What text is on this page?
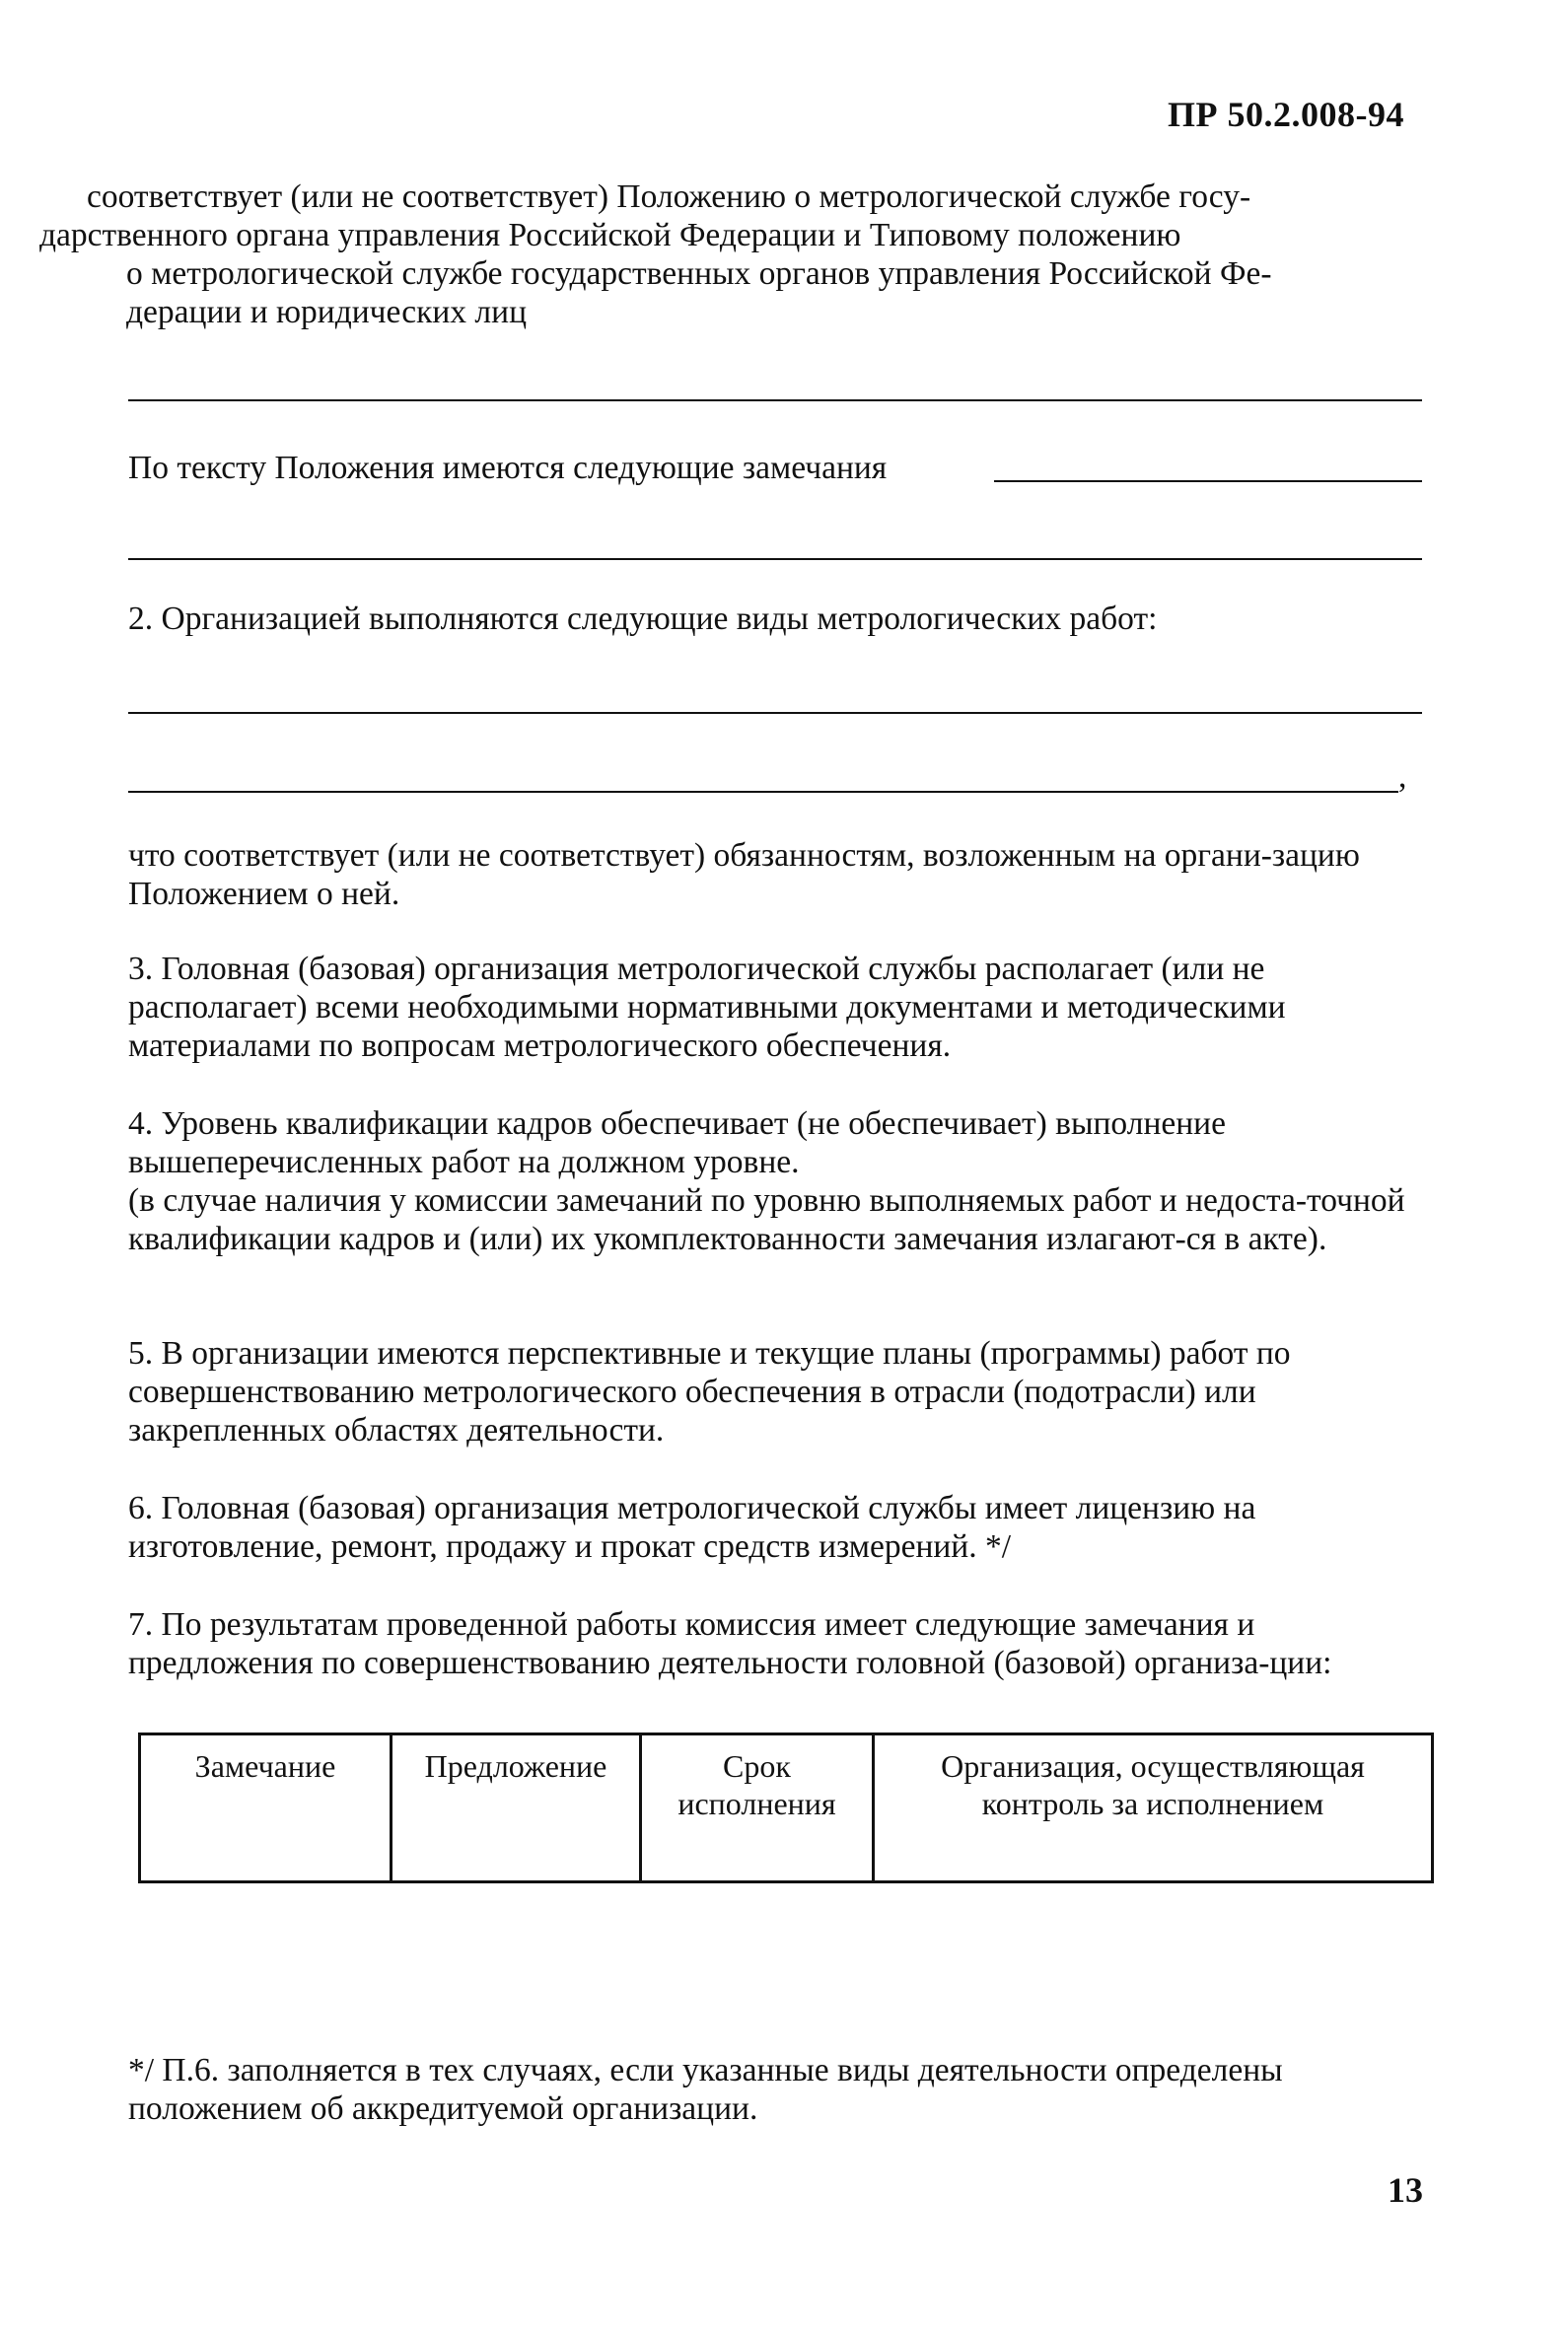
ПР 50.2.008-94
соответствует (или не соответствует) Положению о метрологической службе госу-
дарственного органа управления Российской Федерации и Типовому положению
о метрологической службе государственных органов управления Российской Фе-
дерации и юридических лиц
По тексту Положения имеются следующие замечания
2. Организацией выполняются следующие виды метрологических работ:
,
что соответствует (или не соответствует) обязанностям, возложенным на органи-зацию Положением о ней.
3. Головная (базовая) организация метрологической службы располагает (или не располагает) всеми необходимыми нормативными документами и методическими материалами по вопросам метрологического обеспечения.
4. Уровень квалификации кадров обеспечивает (не обеспечивает) выполнение вышеперечисленных работ на должном уровне.
(в случае наличия у комиссии замечаний по уровню выполняемых работ и недоста-точной квалификации кадров и (или) их укомплектованности замечания излагают-ся в акте).
5. В организации имеются перспективные и текущие планы (программы) работ по совершенствованию метрологического обеспечения в отрасли (подотрасли) или закрепленных областях деятельности.
6. Головная (базовая) организация метрологической службы имеет лицензию на изготовление, ремонт, продажу и прокат средств измерений. */
7. По результатам проведенной работы комиссия имеет следующие замечания и предложения по совершенствованию деятельности головной (базовой) организа-ции:
Замечание	Предложение	Срок исполнения	Организация, осуществляющая контроль за исполнением
*/ П.6. заполняется в тех случаях, если указанные виды деятельности определены положением об аккредитуемой организации.
13
